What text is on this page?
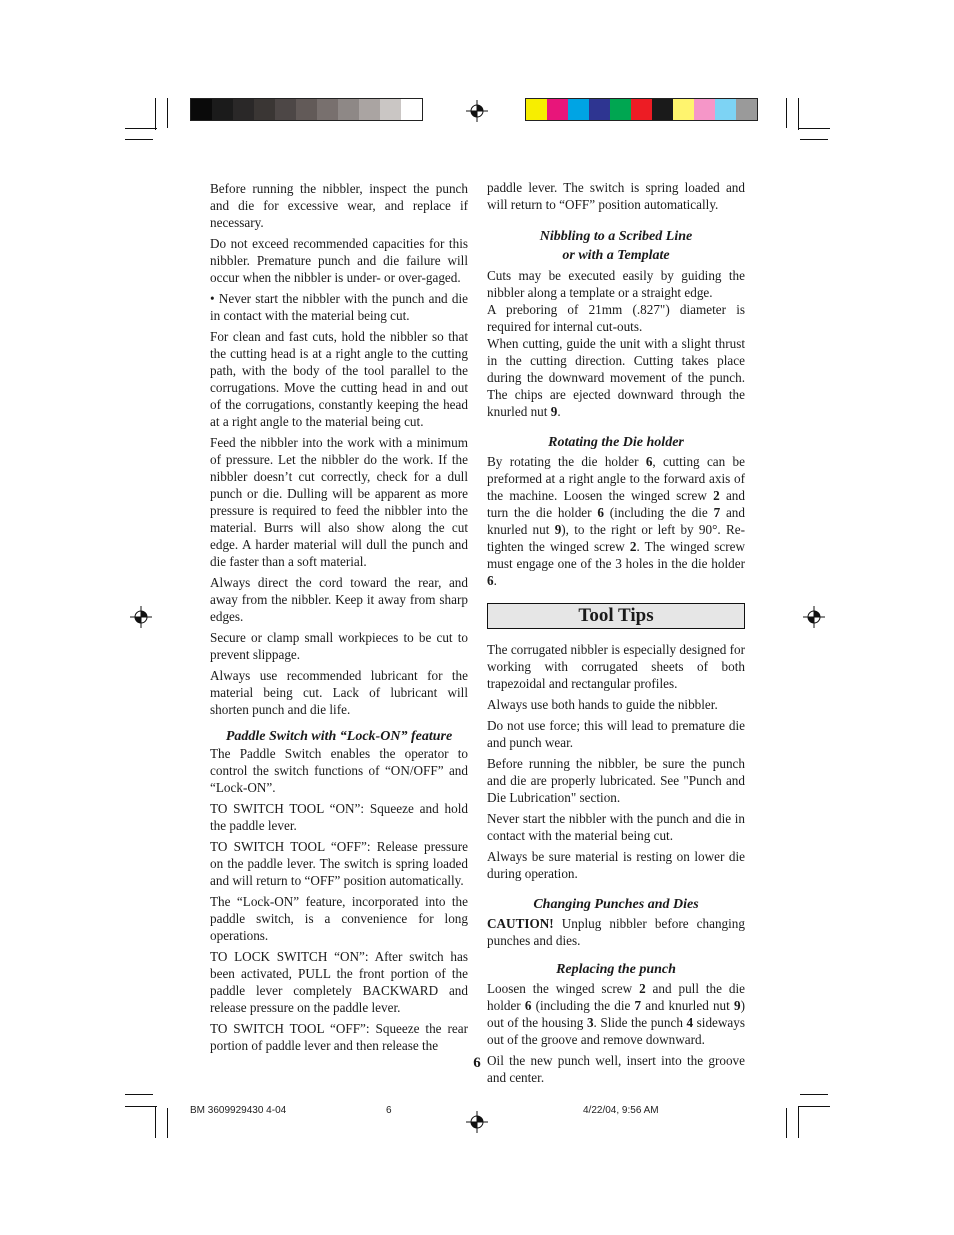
Before running the nibbler, inspect the punch and die for excessive wear, and replace if necessary.

Do not exceed recommended capacities for this nibbler. Premature punch and die failure will occur when the nibbler is under- or over-gaged.

• Never start the nibbler with the punch and die in contact with the material being cut.

For clean and fast cuts, hold the nibbler so that the cutting head is at a right angle to the cutting path, with the body of the tool parallel to the corrugations. Move the cutting head in and out of the corrugations, constantly keeping the head at a right angle to the material being cut.

Feed the nibbler into the work with a minimum of pressure. Let the nibbler do the work. If the nibbler doesn’t cut correctly, check for a dull punch or die. Dulling will be apparent as more pressure is required to feed the nibbler into the material. Burrs will also show along the cut edge. A harder material will dull the punch and die faster than a soft material.

Always direct the cord toward the rear, and away from the nibbler. Keep it away from sharp edges.

Secure or clamp small workpieces to be cut to prevent slippage.

Always use recommended lubricant for the material being cut. Lack of lubricant will shorten punch and die life.

Paddle Switch with “Lock-ON” feature

The Paddle Switch enables the operator to control the switch functions of “ON/OFF” and “Lock-ON”.

TO SWITCH TOOL “ON”: Squeeze and hold the paddle lever.

TO SWITCH TOOL “OFF”: Release pressure on the paddle lever. The switch is spring loaded and will return to “OFF” position automatically.

The “Lock-ON” feature, incorporated into the paddle switch, is a convenience for long operations.

TO LOCK SWITCH “ON”: After switch has been activated, PULL the front portion of the paddle lever completely BACKWARD and release pressure on the paddle lever.

TO SWITCH TOOL “OFF”: Squeeze the rear portion of paddle lever and then release the

paddle lever. The switch is spring loaded and will return to “OFF” position automatically.

Nibbling to a Scribed Line
or with a Template

Cuts may be executed easily by guiding the nibbler along a template or a straight edge.

A preboring of 21mm (.827") diameter is required for internal cut-outs.

When cutting, guide the unit with a slight thrust in the cutting direction. Cutting takes place during the downward movement of the punch. The chips are ejected downward through the knurled nut 9.

Rotating the Die holder

By rotating the die holder 6, cutting can be preformed at a right angle to the forward axis of the machine. Loosen the winged screw 2 and turn the die holder 6 (including the die 7 and knurled nut 9), to the right or left by 90°. Re-tighten the winged screw 2. The winged screw must engage one of the 3 holes in the die holder 6.

Tool Tips

The corrugated nibbler is especially designed for working with corrugated sheets of both trapezoidal and rectangular profiles.

Always use both hands to guide the nibbler.

Do not use force; this will lead to premature die and punch wear.

Before running the nibbler, be sure the punch and die are properly lubricated. See "Punch and Die Lubrication" section.

Never start the nibbler with the punch and die in contact with the material being cut.

Always be sure material is resting on lower die during operation.

Changing Punches and Dies

CAUTION! Unplug nibbler before changing punches and dies.

Replacing the punch

Loosen the winged screw 2 and pull the die holder 6 (including the die 7 and knurled nut 9) out of the housing 3. Slide the punch 4 sideways out of the groove and remove downward.

Oil the new punch well, insert into the groove and center.

6
BM 3609929430 4-04	6	4/22/04, 9:56 AM
